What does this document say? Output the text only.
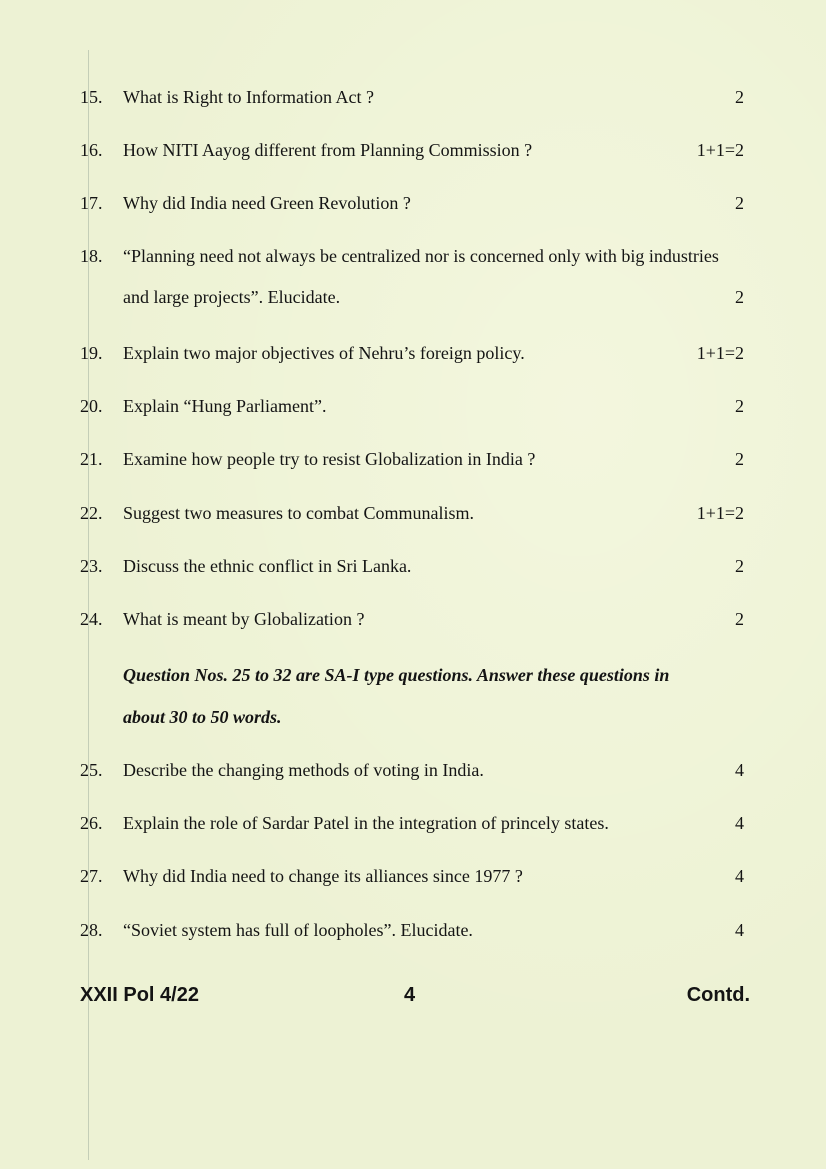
15.	What is Right to Information Act ?	2
16.	How NITI Aayog different from Planning Commission ?	1+1=2
17.	Why did India need Green Revolution ?	2
18.	“Planning need not always be centralized nor is concerned only with big industries
and large projects”. Elucidate.	2
19.	Explain two major objectives of Nehru’s foreign policy.	1+1=2
20.	Explain “Hung Parliament”.	2
21.	Examine how people try to resist Globalization in India ?	2
22.	Suggest two measures to combat Communalism.	1+1=2
23.	Discuss the ethnic conflict in Sri Lanka.	2
24.	What is meant by Globalization ?	2
Question Nos. 25 to 32 are SA-I type questions. Answer these questions in
about 30 to 50 words.
25.	Describe the changing methods of voting in India.	4
26.	Explain the role of Sardar Patel in the integration of princely states.	4
27.	Why did India need to change its alliances since 1977 ?	4
28.	“Soviet system has full of loopholes”. Elucidate.	4
XXII Pol 4/22	4	Contd.
